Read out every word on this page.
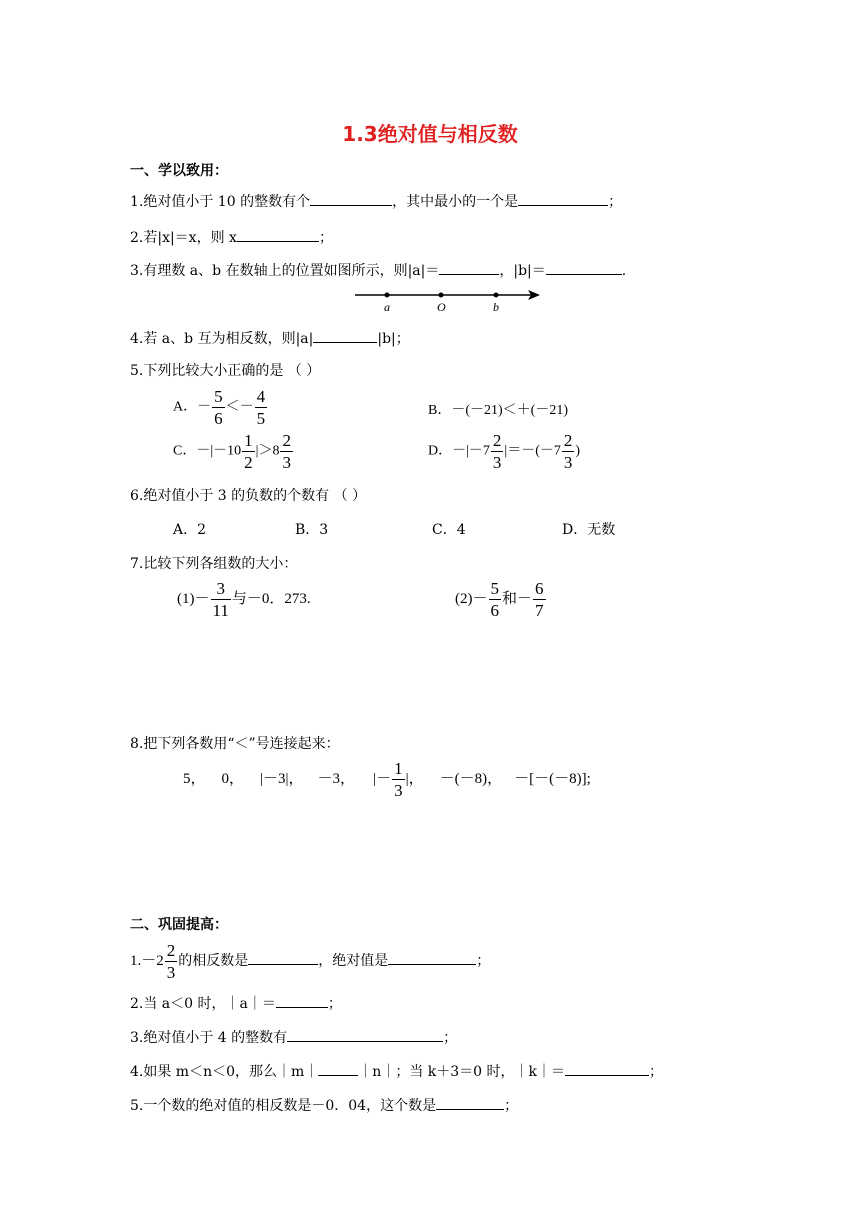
1.3绝对值与相反数
一、学以致用：
1.绝对值小于 10 的整数有个	，其中最小的一个是	；
2.若|x|＝x，则 x	；
3.有理数 a、b 在数轴上的位置如图所示，则|a|＝	，|b|＝	.
a	O	b
4.若 a、b 互为相反数，则|a|	|b|；
5.下列比较大小正确的是 （ ）
A．－ $\frac{5}{6} <- \frac{4}{5}$	B．－(－21)＜＋(－21)
C．$-|-10 \frac{1}{2} |>8 \frac{2}{3}$	D．$-|-7 \frac{2}{3} |=-(-7 \frac{2}{3}$ )
6.绝对值小于 3 的负数的个数有 （ ）
A．2	B．3	C．4	D．无数
7.比较下列各组数的大小：
$(1)- \frac{3}{11}$ 与－0．273.	$(2)- \frac{5}{6}$ 和－ $\frac{6}{7}$
8.把下列各数用“＜”号连接起来：
5， 0， |－3|， －3， |－ $\frac{1}{3}$ |， －(－8)， －[－(－8)];
二、巩固提高：
$1.-2 \frac{2}{3}$ 的相反数是	，绝对值是	；
2.当 a＜0 时，｜a｜＝	；
3.绝对值小于 4 的整数有	；
4.如果 m＜n＜0，那么｜m｜	｜n｜；当 k＋3＝0 时，｜k｜＝	；
5.一个数的绝对值的相反数是－0．04，这个数是	；
